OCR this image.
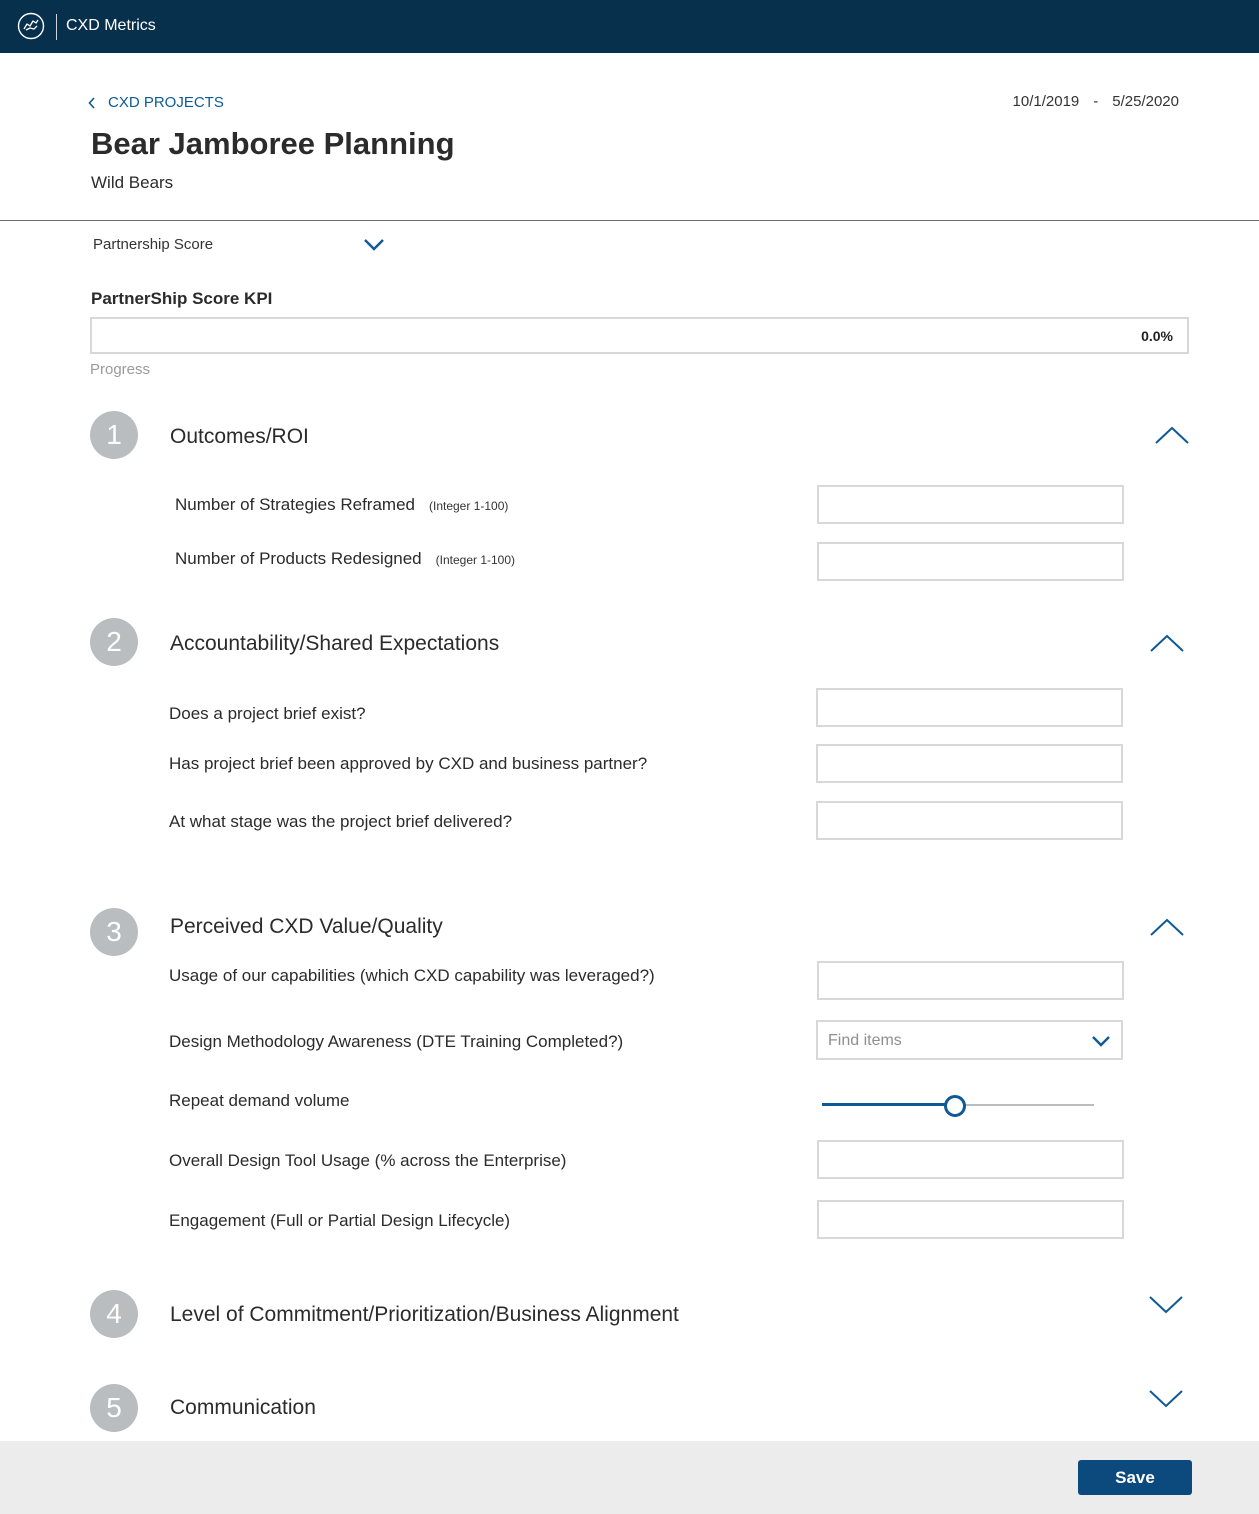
CXD Metrics
CXD PROJECTS	10/1/2019 - 5/25/2020
Bear Jamboree Planning
Wild Bears
Partnership Score
PartnerShip Score KPI
0.0%
Progress
1	Outcomes/ROI
Number of Strategies Reframed (Integer 1-100)
Number of Products Redesigned (Integer 1-100)
2	Accountability/Shared Expectations
Does a project brief exist?
Has project brief been approved by CXD and business partner?
At what stage was the project brief delivered?
3	Perceived CXD Value/Quality
Usage of our capabilities (which CXD capability was leveraged?)
Design Methodology Awareness (DTE Training Completed?)	Find items
Repeat demand volume
Overall Design Tool Usage (% across the Enterprise)
Engagement (Full or Partial Design Lifecycle)
4	Level of Commitment/Prioritization/Business Alignment
5	Communication
Save
